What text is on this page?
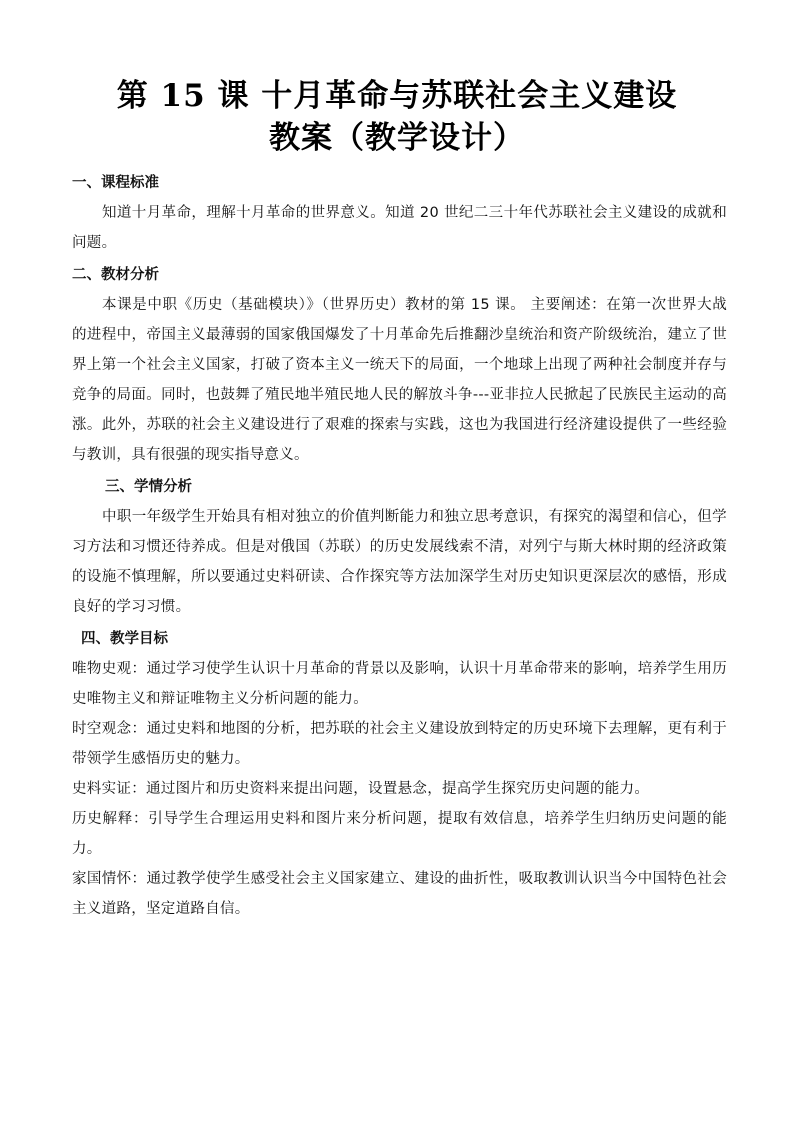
第 15 课 十月革命与苏联社会主义建设
教案（教学设计）
一、课程标准

知道十月革命，理解十月革命的世界意义。知道 20 世纪二三十年代苏联社会主义建设的成就和问题。

二、教材分析

本课是中职《历史（基础模块）》（世界历史）教材的第 15 课。 主要阐述：在第一次世界大战的进程中，帝国主义最薄弱的国家俄国爆发了十月革命先后推翻沙皇统治和资产阶级统治，建立了世界上第一个社会主义国家，打破了资本主义一统天下的局面，一个地球上出现了两种社会制度并存与竞争的局面。同时，也鼓舞了殖民地半殖民地人民的解放斗争---亚非拉人民掀起了民族民主运动的高涨。此外，苏联的社会主义建设进行了艰难的探索与实践，这也为我国进行经济建设提供了一些经验与教训，具有很强的现实指导意义。

三、学情分析

中职一年级学生开始具有相对独立的价值判断能力和独立思考意识，有探究的渴望和信心，但学习方法和习惯还待养成。但是对俄国（苏联）的历史发展线索不清，对列宁与斯大林时期的经济政策的设施不慎理解，所以要通过史料研读、合作探究等方法加深学生对历史知识更深层次的感悟，形成良好的学习习惯。

四、教学目标

唯物史观：通过学习使学生认识十月革命的背景以及影响，认识十月革命带来的影响，培养学生用历史唯物主义和辩证唯物主义分析问题的能力。

时空观念：通过史料和地图的分析，把苏联的社会主义建设放到特定的历史环境下去理解，更有利于带领学生感悟历史的魅力。

史料实证：通过图片和历史资料来提出问题，设置悬念，提高学生探究历史问题的能力。

历史解释：引导学生合理运用史料和图片来分析问题，提取有效信息，培养学生归纳历史问题的能力。

家国情怀：通过教学使学生感受社会主义国家建立、建设的曲折性，吸取教训认识当今中国特色社会主义道路，坚定道路自信。
